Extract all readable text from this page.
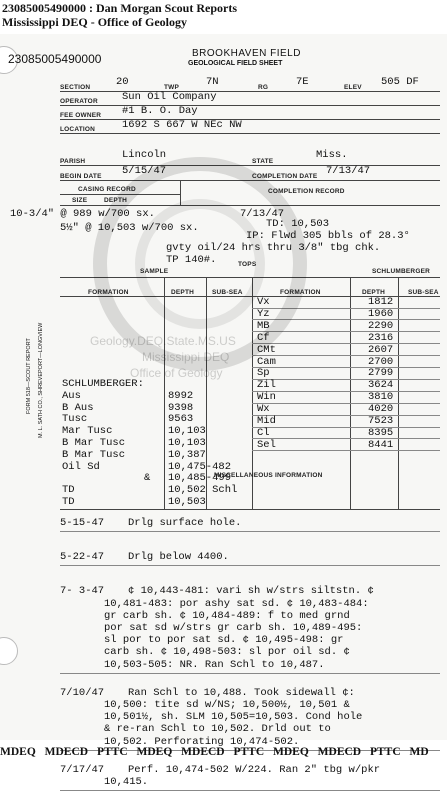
23085005490000 : Dan Morgan Scout Reports
Mississippi DEQ - Office of Geology
23085005490000	BROOKHAVEN FIELD
GEOLOGICAL FIELD SHEET
SECTION 20	TWP	7N	RG	7E	ELEV 505 DF
OPERATOR Sun Oil Company
FEE OWNER #1 B. O. Day
LOCATION	1692 S 667 W NEc NW
PARISH
Lincoln
STATE
Miss.
BEGIN DATE 5/15/47	COMPLETION DATE 7/13/47
CASING RECORD	COMPLETION RECORD
SIZE	DEPTH
10-3/4" @ 989 w/700 sx.
5½" @ 10,503 w/700 sx.
7/13/47
TD: 10,503
IP: Flwd 305 bbls of 28.3°
gvty oil/24 hrs thru 3/8" tbg chk.
TP 140#.
SAMPLE
TOPS
SCHLUMBERGER
FORMATION	DEPTH	SUB-SEA	FORMATION	DEPTH	SUB-SEA
Vx	1812
Yz	1960
MB	2290
Cf	2316
CMt	2607
Cam	2700
Sp	2799
Zil	3624
Win	3810
Wx	4020
Mid	7523
Cl	8395
Sel	8441
SCHLUMBERGER:
Aus	8992
B Aus	9398
Tusc	9563
Mar Tusc	10,103
B Mar Tusc	10,103
B Mar Tusc	10,387
Oil Sd	10,475-482
& 10,485-499
TD	10,502 Schl
TD	10,503
MISCELLANEOUS INFORMATION
5-15-47 Drlg surface hole.
5-22-47 Drlg below 4400.
7- 3-47 ¢ 10,443-481: vari sh w/strs siltstn. ¢
10,481-483: por ashy sat sd. ¢ 10,483-484:
gr carb sh. ¢ 10,484-489: f to med grnd
por sat sd w/strs gr carb sh. 10,489-495:
sl por to por sat sd. ¢ 10,495-498: gr
carb sh. ¢ 10,498-503: sl por oil sd. ¢
10,503-505: NR. Ran Schl to 10,487.
7/10/47 Ran Schl to 10,488. Took sidewall ¢:
10,500: tite sd w/NS; 10,500½, 10,501 &
10,501½, sh. SLM 10,505=10,503. Cond hole
& re-ran Schl to 10,502. Drld out to
10,502. Perforating 10,474-502.
7/17/47 Perf. 10,474-502 W/224. Ran 2" tbg w/pkr
10,415.
FORM 518—SCOUT REPORT M. L. SATH CO., SHREVEPORT—LONGVIEW	Geology.DEQ.State.MS.US
Mississippi DEQ
Office of Geology
MDEQ MDECD PTTC MDEQ MDECD PTTC MDEQ MDECD PTTC MD
